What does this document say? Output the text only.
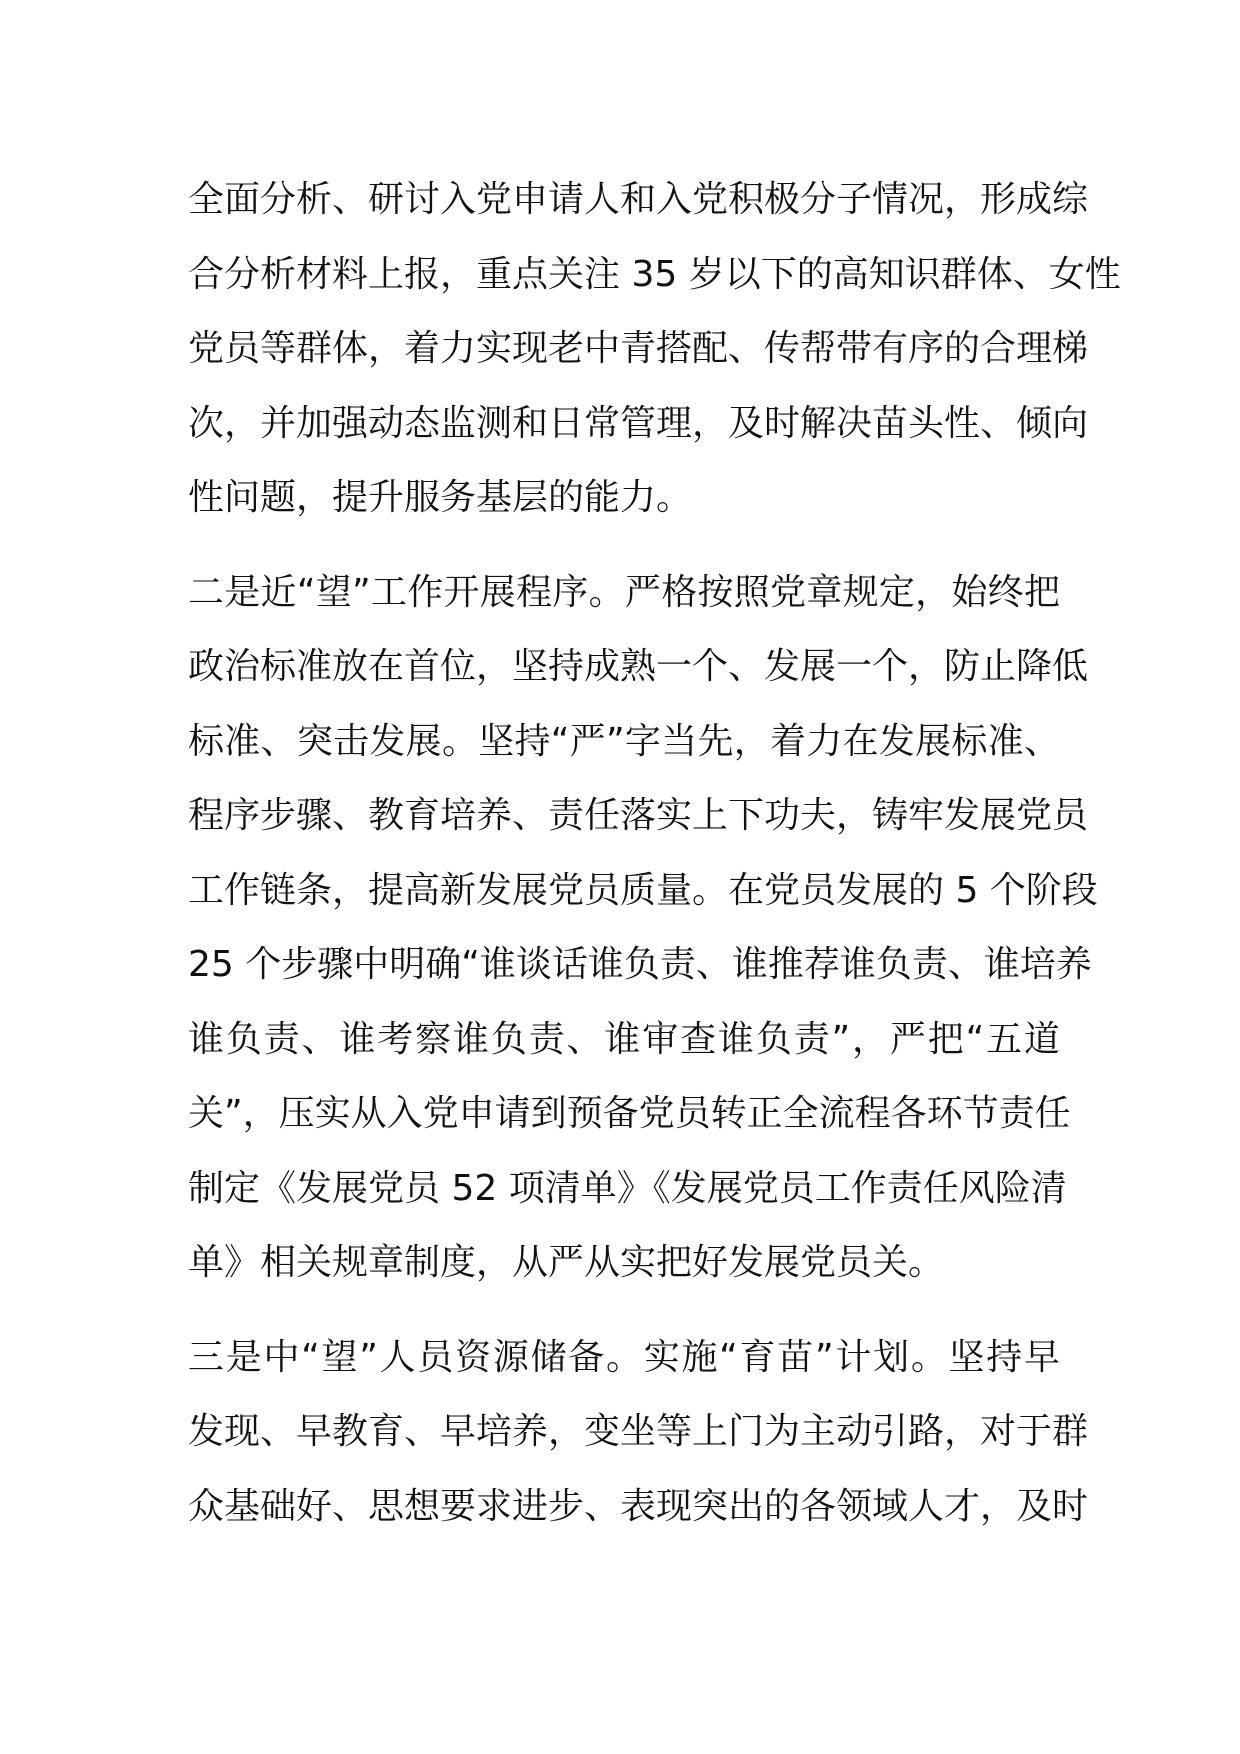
全面分析、研讨入党申请人和入党积极分子情况，形成综
合分析材料上报，重点关注 35 岁以下的高知识群体、女性
党员等群体，着力实现老中青搭配、传帮带有序的合理梯
次，并加强动态监测和日常管理，及时解决苗头性、倾向
性问题，提升服务基层的能力。

二是近“望”工作开展程序。严格按照党章规定，始终把
政治标准放在首位，坚持成熟一个、发展一个，防止降低
标准、突击发展。坚持“严”字当先，着力在发展标准、
程序步骤、教育培养、责任落实上下功夫，铸牢发展党员
工作链条，提高新发展党员质量。在党员发展的 5 个阶段
25 个步骤中明确“谁谈话谁负责、谁推荐谁负责、谁培养
谁负责、谁考察谁负责、谁审查谁负责”，严把“五道
关”，压实从入党申请到预备党员转正全流程各环节责任
制定《发展党员 52 项清单》《发展党员工作责任风险清
单》相关规章制度，从严从实把好发展党员关。

三是中“望”人员资源储备。实施“育苗”计划。坚持早
发现、早教育、早培养，变坐等上门为主动引路，对于群
众基础好、思想要求进步、表现突出的各领域人才，及时
